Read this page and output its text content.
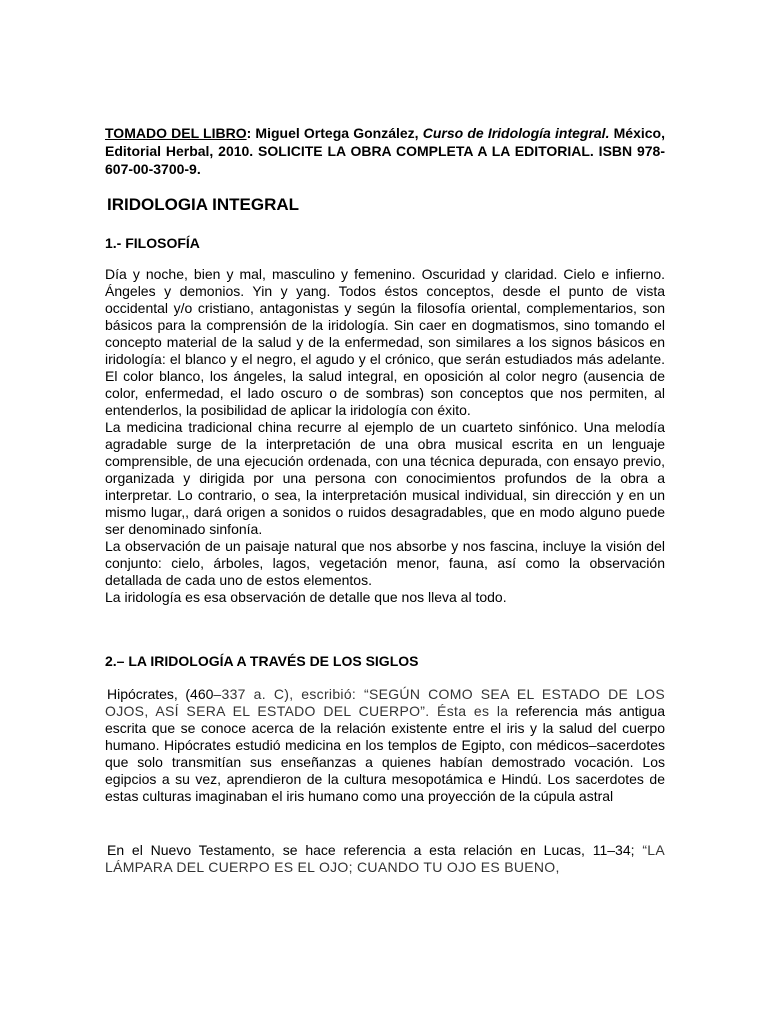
TOMADO DEL LIBRO: Miguel Ortega González, Curso de Iridología integral. México, Editorial Herbal, 2010. SOLICITE LA OBRA COMPLETA A LA EDITORIAL. ISBN 978-607-00-3700-9.
IRIDOLOGIA INTEGRAL
1.- FILOSOFÍA

Día y noche, bien y mal, masculino y femenino. Oscuridad y claridad. Cielo e infierno. Ángeles y demonios. Yin y yang. Todos éstos conceptos, desde el punto de vista occidental y/o cristiano, antagonistas y según la filosofía oriental, complementarios, son básicos para la comprensión de la iridología. Sin caer en dogmatismos, sino tomando el concepto material de la salud y de la enfermedad, son similares a los signos básicos en iridología: el blanco y el negro, el agudo y el crónico, que serán estudiados más adelante. El color blanco, los ángeles, la salud integral, en oposición al color negro (ausencia de color, enfermedad, el lado oscuro o de sombras) son conceptos que nos permiten, al entenderlos, la posibilidad de aplicar la iridología con éxito.

La medicina tradicional china recurre al ejemplo de un cuarteto sinfónico. Una melodía agradable surge de la interpretación de una obra musical escrita en un lenguaje comprensible, de una ejecución ordenada, con una técnica depurada, con ensayo previo, organizada y dirigida por una persona con conocimientos profundos de la obra a interpretar. Lo contrario, o sea, la interpretación musical individual, sin dirección y en un mismo lugar,, dará origen a sonidos o ruidos desagradables, que en modo alguno puede ser denominado sinfonía.

La observación de un paisaje natural que nos absorbe y nos fascina, incluye la visión del conjunto: cielo, árboles, lagos, vegetación menor, fauna, así como la observación detallada de cada uno de estos elementos.

La iridología es esa observación de detalle que nos lleva al todo.

2.– LA IRIDOLOGÍA A TRAVÉS DE LOS SIGLOS
Hipócrates, (460–337 a. C), escribió: “SEGÚN COMO SEA EL ESTADO DE LOS OJOS, ASÍ SERA EL ESTADO DEL CUERPO”. Ésta es la referencia más antigua escrita que se conoce acerca de la relación existente entre el iris y la salud del cuerpo humano. Hipócrates estudió medicina en los templos de Egipto, con médicos–sacerdotes que solo transmitían sus enseñanzas a quienes habían demostrado vocación. Los egipcios a su vez, aprendieron de la cultura mesopotámica e Hindú. Los sacerdotes de estas culturas imaginaban el iris humano como una proyección de la cúpula astral
En el Nuevo Testamento, se hace referencia a esta relación en Lucas, 11–34; “LA LÁMPARA DEL CUERPO ES EL OJO; CUANDO TU OJO ES BUENO,
